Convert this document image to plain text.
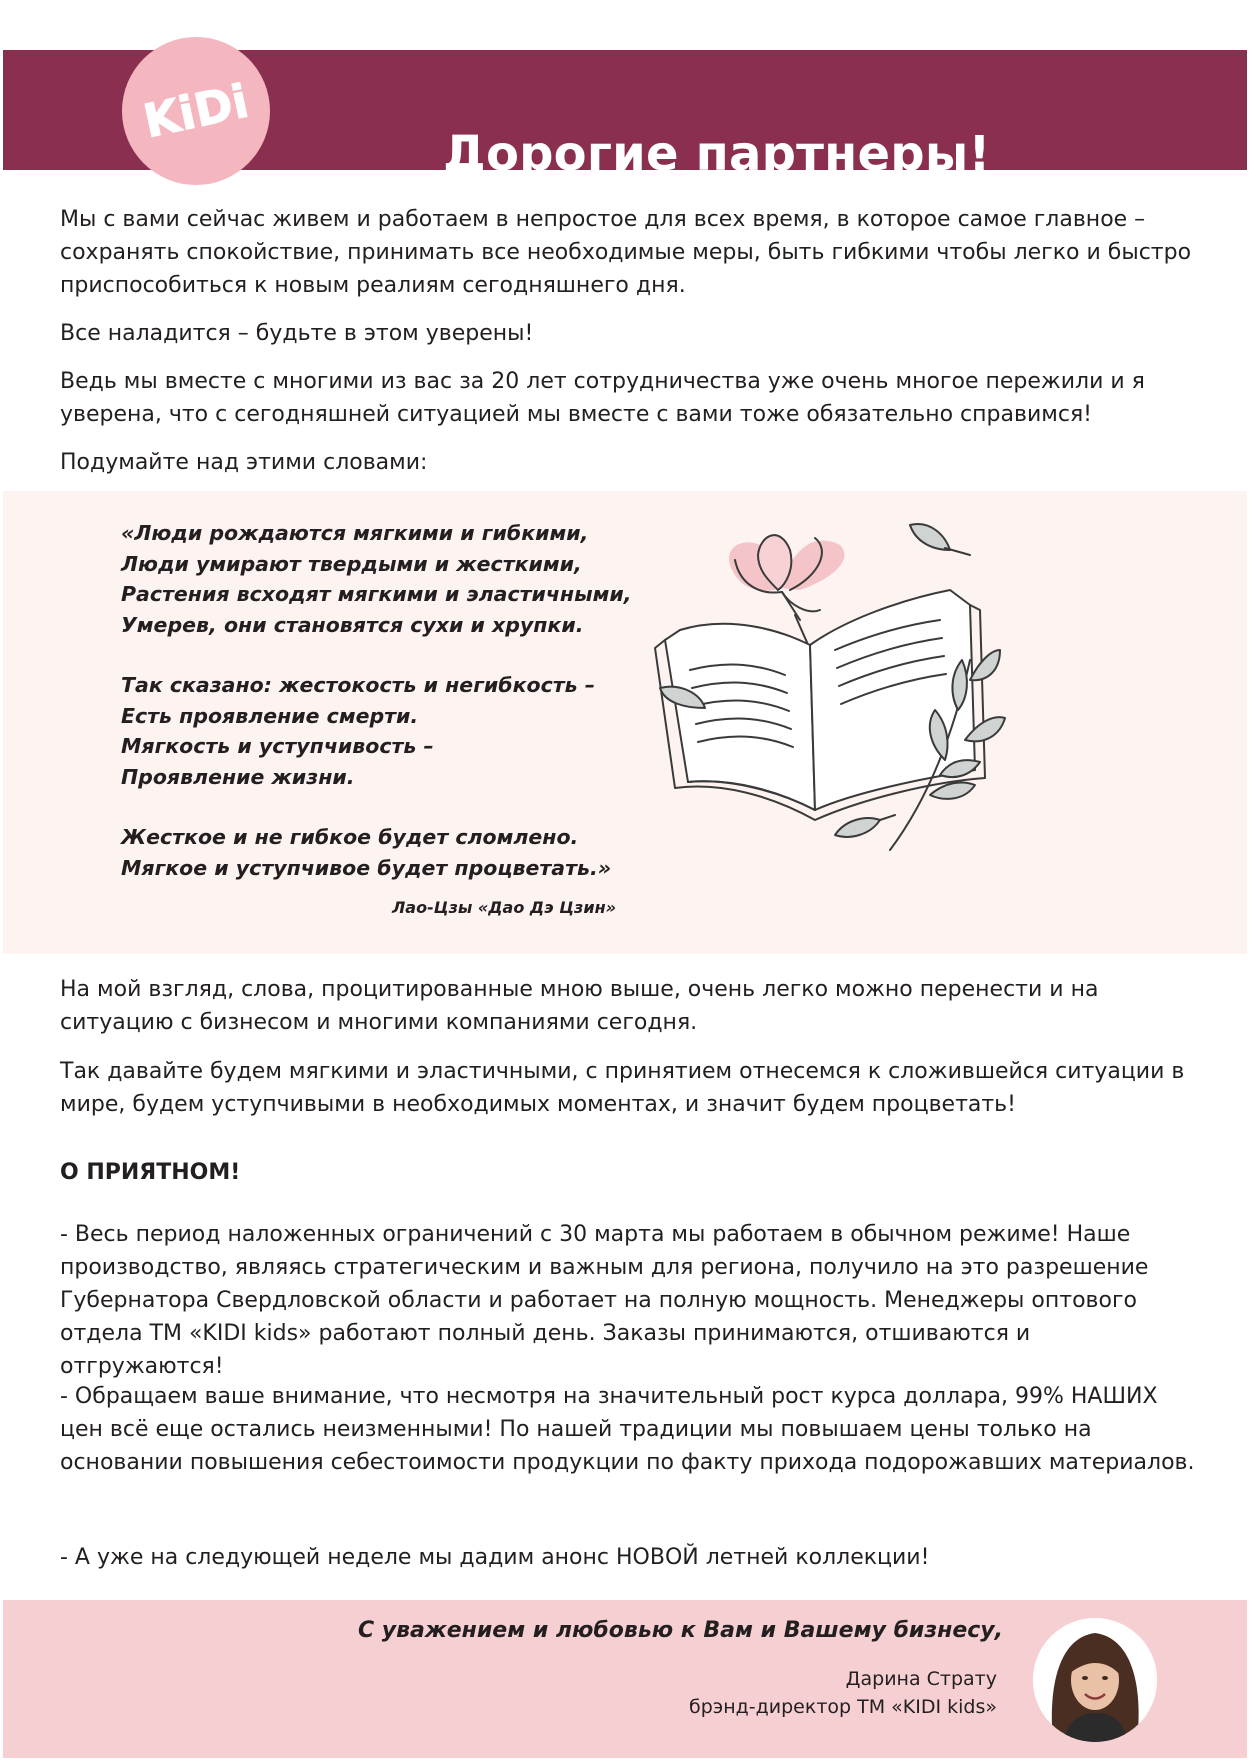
Дорогие партнеры!
KiDi

Мы с вами сейчас живем и работаем в непростое для всех время, в которое самое главное – сохранять спокойствие, принимать все необходимые меры, быть гибкими чтобы легко и быстро приспособиться к новым реалиям сегодняшнего дня.

Все наладится – будьте в этом уверены!

Ведь мы вместе с многими из вас за 20 лет сотрудничества уже очень многое пережили и я уверена, что с сегодняшней ситуацией мы вместе с вами тоже обязательно справимся!

Подумайте над этими словами:

«Люди рождаются мягкими и гибкими,
Люди умирают твердыми и жесткими,
Растения всходят мягкими и эластичными,
Умерев, они становятся сухи и хрупки.
Так сказано: жестокость и негибкость –
Есть проявление смерти.
Мягкость и уступчивость –
Проявление жизни.
Жесткое и не гибкое будет сломлено.
Мягкое и уступчивое будет процветать.»
Лао-Цзы «Дао Дэ Цзин»

На мой взгляд, слова, процитированные мною выше, очень легко можно перенести и на ситуацию с бизнесом и многими компаниями сегодня.

Так давайте будем мягкими и эластичными, с принятием отнесемся к сложившейся ситуации в мире, будем уступчивыми в необходимых моментах, и значит будем процветать!

О ПРИЯТНОМ!

- Весь период наложенных ограничений с 30 марта мы работаем в обычном режиме! Наше производство, являясь стратегическим и важным для региона, получило на это разрешение Губернатора Свердловской области и работает на полную мощность. Менеджеры оптового отдела ТМ «KIDI kids» работают полный день. Заказы принимаются, отшиваются и отгружаются!

- Обращаем ваше внимание, что несмотря на значительный рост курса доллара, 99% НАШИХ цен всё еще остались неизменными! По нашей традиции мы повышаем цены только на основании повышения себестоимости продукции по факту прихода подорожавших материалов.

- А уже на следующей неделе мы дадим анонс НОВОЙ летней коллекции!

С уважением и любовью к Вам и Вашему бизнесу,
Дарина Страту
брэнд-директор ТМ «KIDI kids»
